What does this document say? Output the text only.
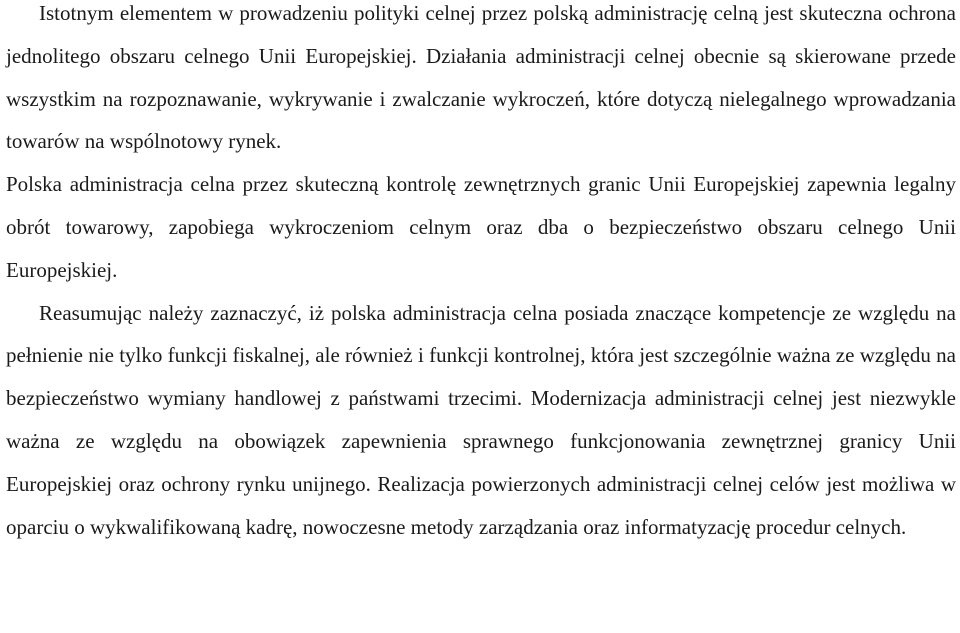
Istotnym elementem w prowadzeniu polityki celnej przez polską administrację celną jest skuteczna ochrona jednolitego obszaru celnego Unii Europejskiej. Działania administracji celnej obecnie są skierowane przede wszystkim na rozpoznawanie, wykrywanie i zwalczanie wykroczeń, które dotyczą nielegalnego wprowadzania towarów na wspólnotowy rynek.

Polska administracja celna przez skuteczną kontrolę zewnętrznych granic Unii Europejskiej zapewnia legalny obrót towarowy, zapobiega wykroczeniom celnym oraz dba o bezpieczeństwo obszaru celnego Unii Europejskiej.

Reasumując należy zaznaczyć, iż polska administracja celna posiada znaczące kompetencje ze względu na pełnienie nie tylko funkcji fiskalnej, ale również i funkcji kontrolnej, która jest szczególnie ważna ze względu na bezpieczeństwo wymiany handlowej z państwami trzecimi. Modernizacja administracji celnej jest niezwykle ważna ze względu na obowiązek zapewnienia sprawnego funkcjonowania zewnętrznej granicy Unii Europejskiej oraz ochrony rynku unijnego. Realizacja powierzonych administracji celnej celów jest możliwa w oparciu o wykwalifikowaną kadrę, nowoczesne metody zarządzania oraz informatyzację procedur celnych.
